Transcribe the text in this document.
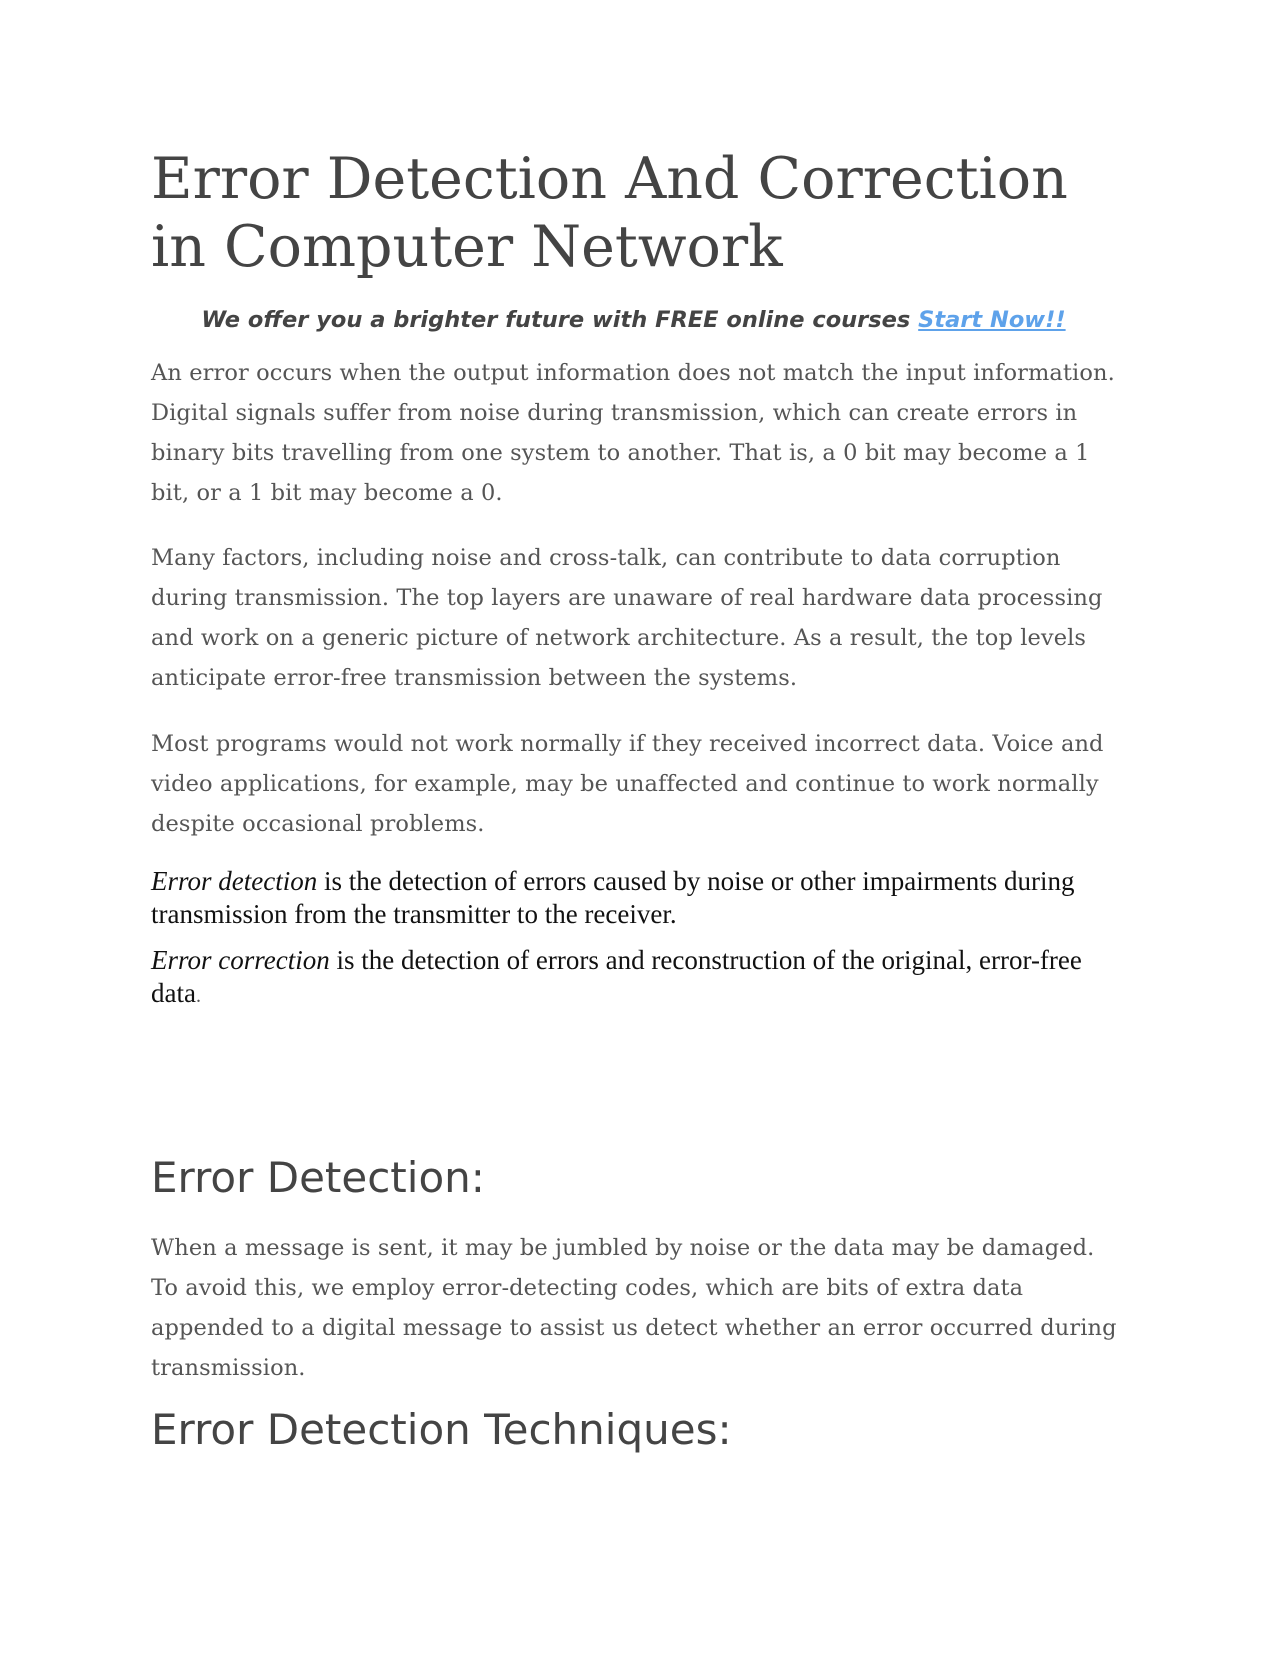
Error Detection And Correction in Computer Network
We offer you a brighter future with FREE online courses Start Now!!

An error occurs when the output information does not match the input information. Digital signals suffer from noise during transmission, which can create errors in binary bits travelling from one system to another. That is, a 0 bit may become a 1 bit, or a 1 bit may become a 0.

Many factors, including noise and cross-talk, can contribute to data corruption during transmission. The top layers are unaware of real hardware data processing and work on a generic picture of network architecture. As a result, the top levels anticipate error-free transmission between the systems.

Most programs would not work normally if they received incorrect data. Voice and video applications, for example, may be unaffected and continue to work normally despite occasional problems.

Error detection is the detection of errors caused by noise or other impairments during transmission from the transmitter to the receiver.

Error correction is the detection of errors and reconstruction of the original, error-free data.

Error Detection:

When a message is sent, it may be jumbled by noise or the data may be damaged. To avoid this, we employ error-detecting codes, which are bits of extra data appended to a digital message to assist us detect whether an error occurred during transmission.

Error Detection Techniques:
